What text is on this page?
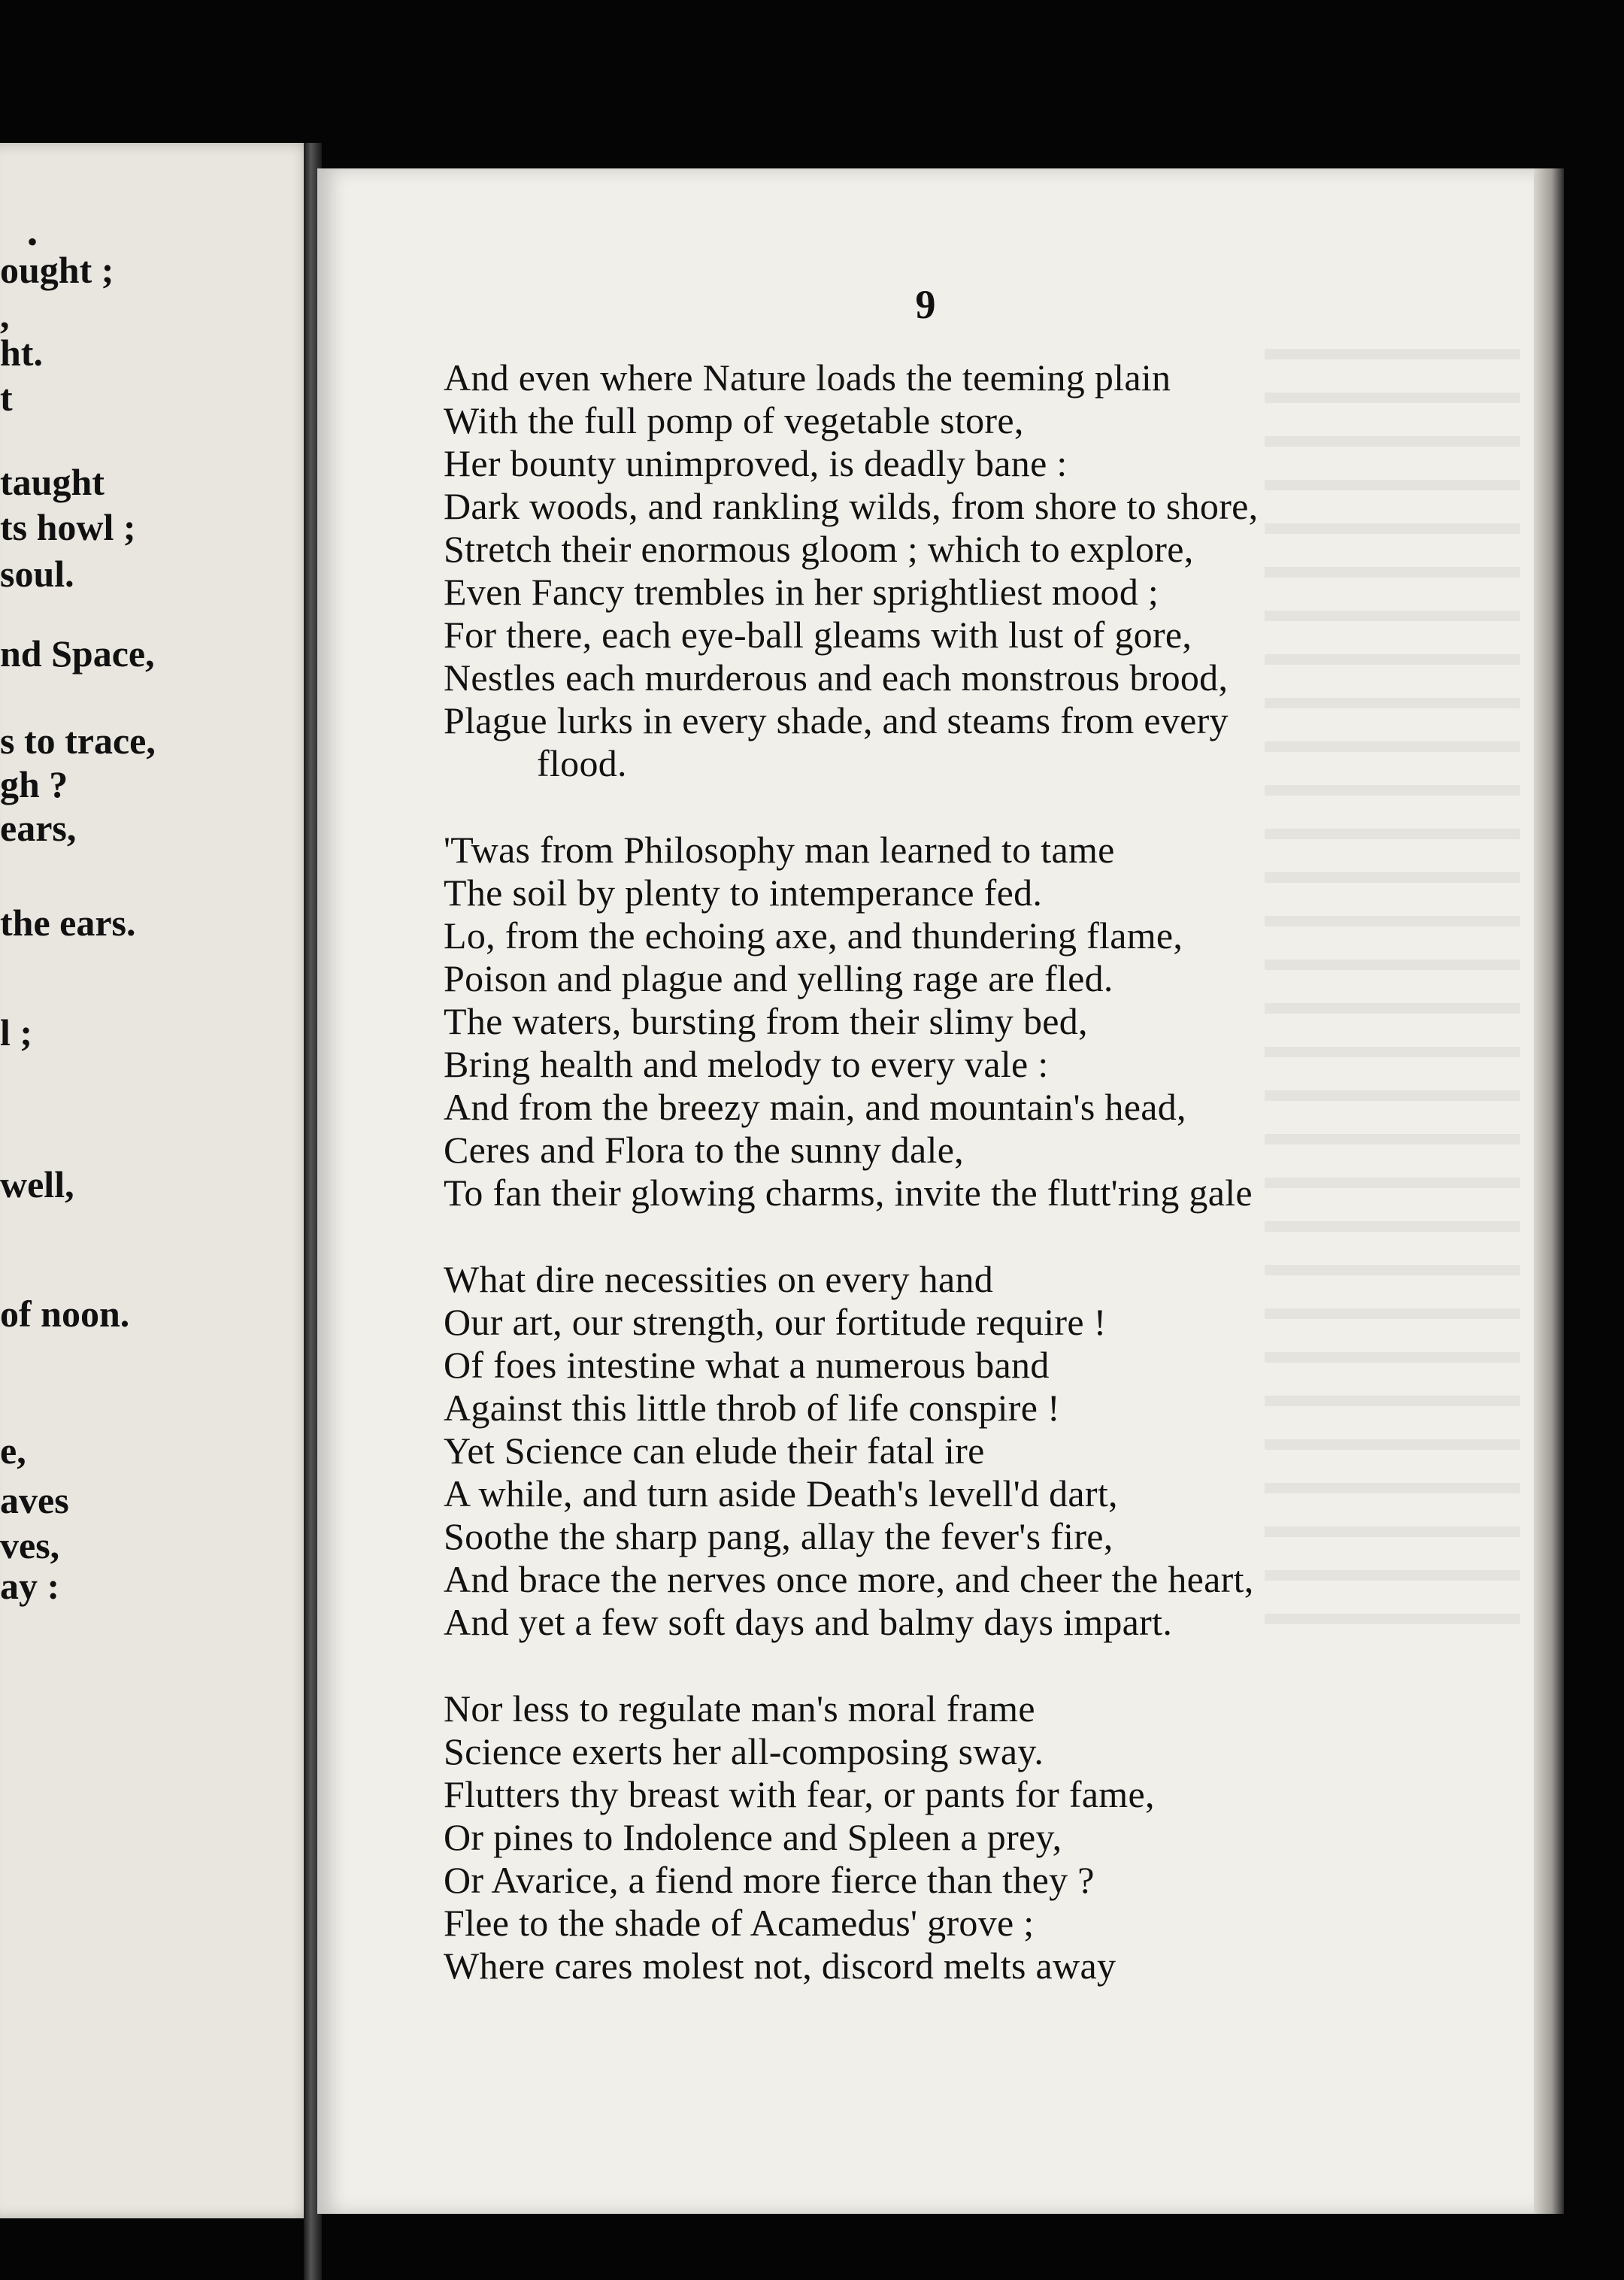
•
ought ;
,
ht.
t
taught
ts howl ;
soul.
nd Space,
s to trace,
gh ?
ears,
the ears.
l ;
well,
of noon.
e,
aves
ves,
ay :
9
And even where Nature loads the teeming plain
With the full pomp of vegetable store,
Her bounty unimproved, is deadly bane :
Dark woods, and rankling wilds, from shore to shore,
Stretch their enormous gloom ; which to explore,
Even Fancy trembles in her sprightliest mood ;
For there, each eye-ball gleams with lust of gore,
Nestles each murderous and each monstrous brood,
Plague lurks in every shade, and steams from every
flood.
'Twas from Philosophy man learned to tame
The soil by plenty to intemperance fed.
Lo, from the echoing axe, and thundering flame,
Poison and plague and yelling rage are fled.
The waters, bursting from their slimy bed,
Bring health and melody to every vale :
And from the breezy main, and mountain's head,
Ceres and Flora to the sunny dale,
To fan their glowing charms, invite the flutt'ring gale
What dire necessities on every hand
Our art, our strength, our fortitude require !
Of foes intestine what a numerous band
Against this little throb of life conspire !
Yet Science can elude their fatal ire
A while, and turn aside Death's levell'd dart,
Soothe the sharp pang, allay the fever's fire,
And brace the nerves once more, and cheer the heart,
And yet a few soft days and balmy days impart.
Nor less to regulate man's moral frame
Science exerts her all-composing sway.
Flutters thy breast with fear, or pants for fame,
Or pines to Indolence and Spleen a prey,
Or Avarice, a fiend more fierce than they ?
Flee to the shade of Acamedus' grove ;
Where cares molest not, discord melts away
